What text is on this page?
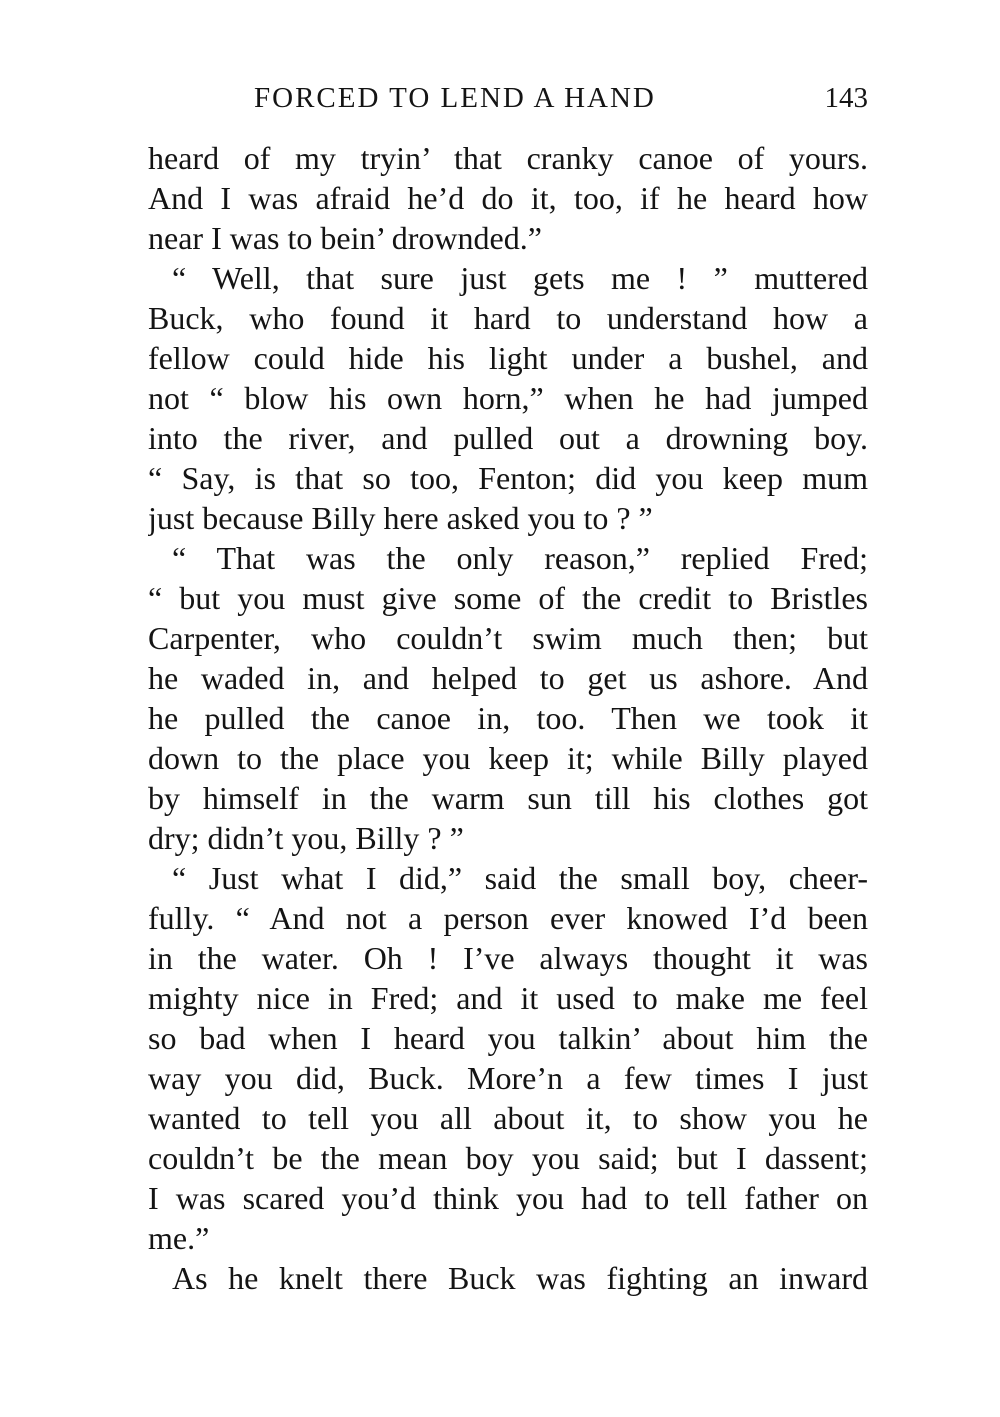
FORCED TO LEND A HAND	143
heard of my tryin’ that cranky canoe of yours.
And I was afraid he’d do it, too, if he heard how
near I was to bein’ drownded.”
“ Well, that sure just gets me ! ” muttered
Buck, who found it hard to understand how a
fellow could hide his light under a bushel, and
not “ blow his own horn,” when he had jumped
into the river, and pulled out a drowning boy.
“ Say, is that so too, Fenton; did you keep mum
just because Billy here asked you to ? ”
“ That was the only reason,” replied Fred;
“ but you must give some of the credit to Bristles
Carpenter, who couldn’t swim much then; but
he waded in, and helped to get us ashore. And
he pulled the canoe in, too. Then we took it
down to the place you keep it; while Billy played
by himself in the warm sun till his clothes got
dry; didn’t you, Billy ? ”
“ Just what I did,” said the small boy, cheer-
fully. “ And not a person ever knowed I’d been
in the water. Oh ! I’ve always thought it was
mighty nice in Fred; and it used to make me feel
so bad when I heard you talkin’ about him the
way you did, Buck. More’n a few times I just
wanted to tell you all about it, to show you he
couldn’t be the mean boy you said; but I dassent;
I was scared you’d think you had to tell father on
me.”
As he knelt there Buck was fighting an inward
